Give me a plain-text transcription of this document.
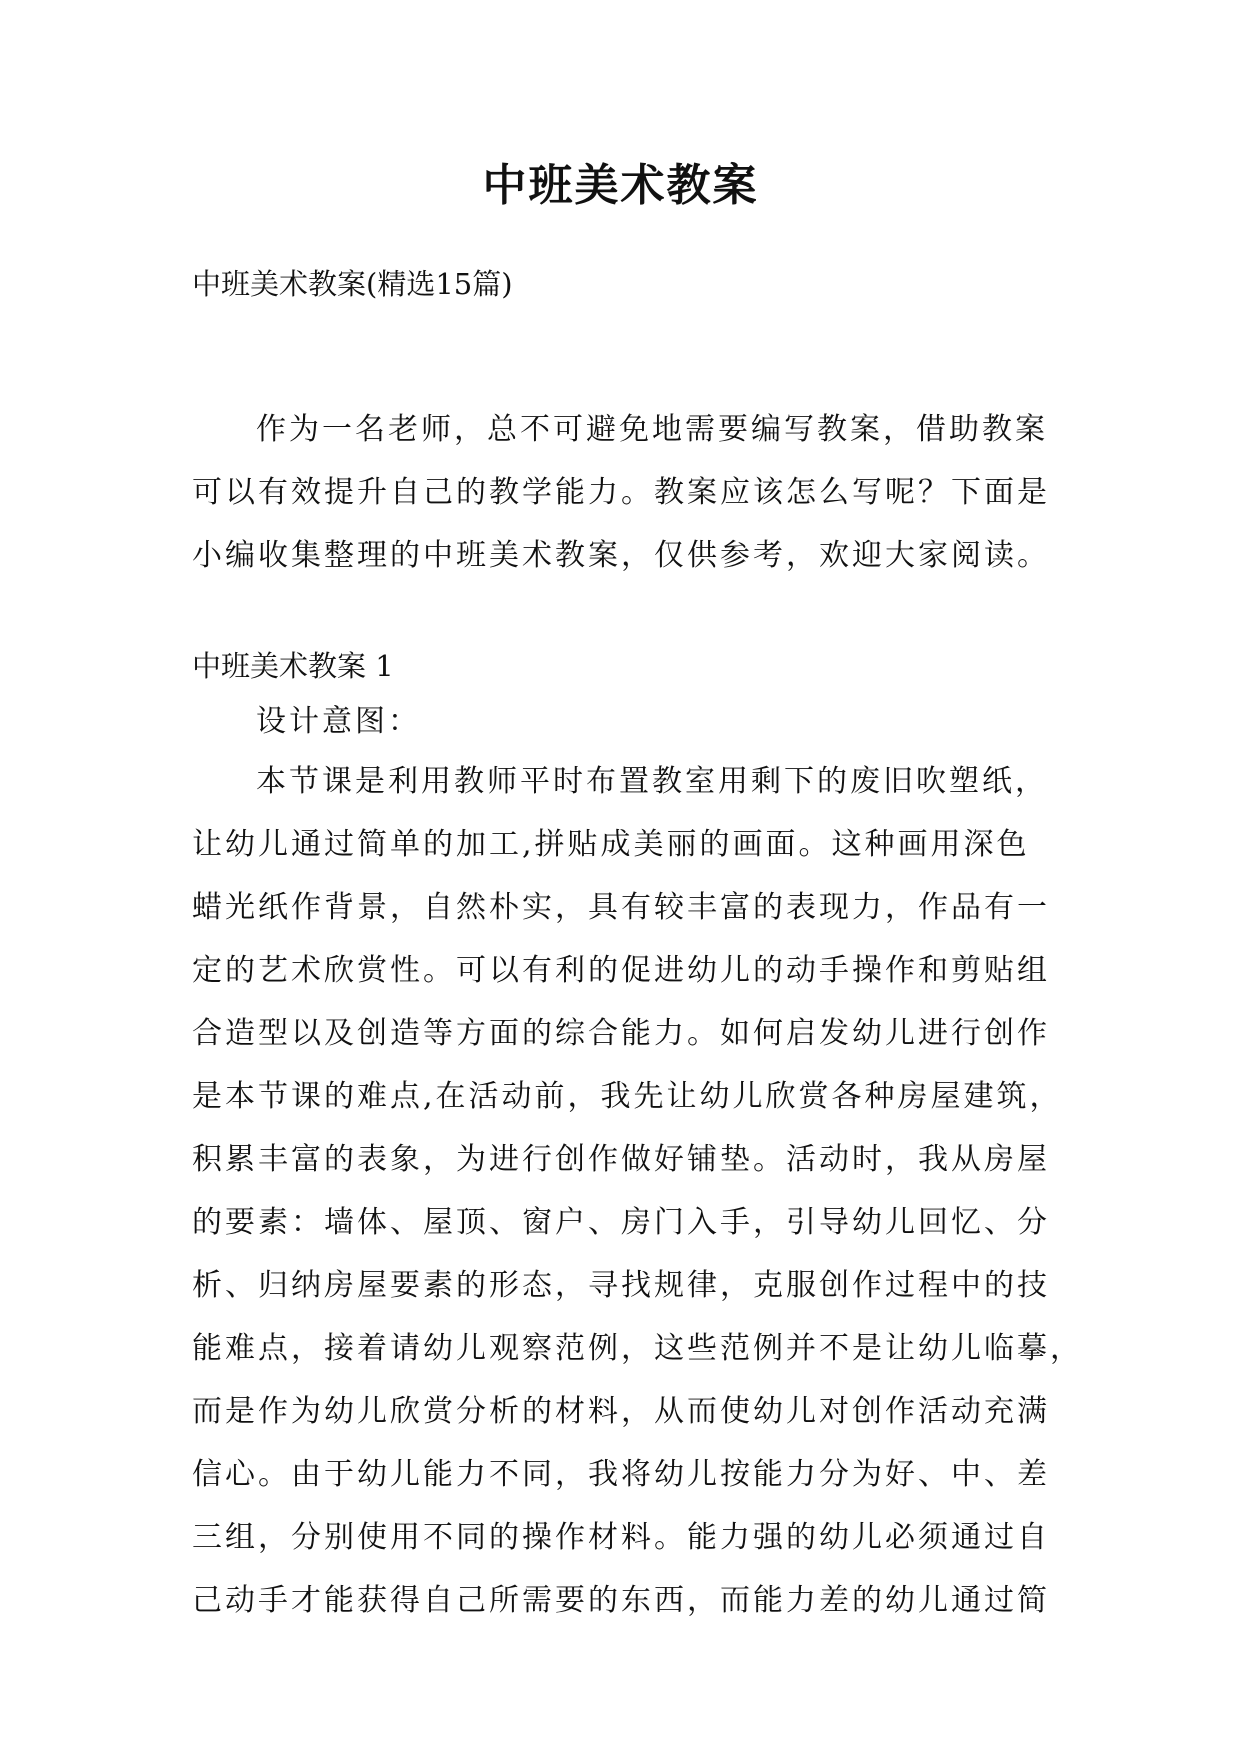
中班美术教案
中班美术教案(精选15篇)
作为一名老师，总不可避免地需要编写教案，借助教案
可以有效提升自己的教学能力。教案应该怎么写呢？下面是
小编收集整理的中班美术教案，仅供参考，欢迎大家阅读。
中班美术教案 1
设计意图：
本节课是利用教师平时布置教室用剩下的废旧吹塑纸，
让幼儿通过简单的加工,拼贴成美丽的画面。这种画用深色
蜡光纸作背景，自然朴实，具有较丰富的表现力，作品有一
定的艺术欣赏性。可以有利的促进幼儿的动手操作和剪贴组
合造型以及创造等方面的综合能力。如何启发幼儿进行创作
是本节课的难点,在活动前，我先让幼儿欣赏各种房屋建筑，
积累丰富的表象，为进行创作做好铺垫。活动时，我从房屋
的要素：墙体、屋顶、窗户、房门入手，引导幼儿回忆、分
析、归纳房屋要素的形态，寻找规律，克服创作过程中的技
能难点，接着请幼儿观察范例，这些范例并不是让幼儿临摹，
而是作为幼儿欣赏分析的材料，从而使幼儿对创作活动充满
信心。由于幼儿能力不同，我将幼儿按能力分为好、中、差
三组，分别使用不同的操作材料。能力强的幼儿必须通过自
己动手才能获得自己所需要的东西，而能力差的幼儿通过简
